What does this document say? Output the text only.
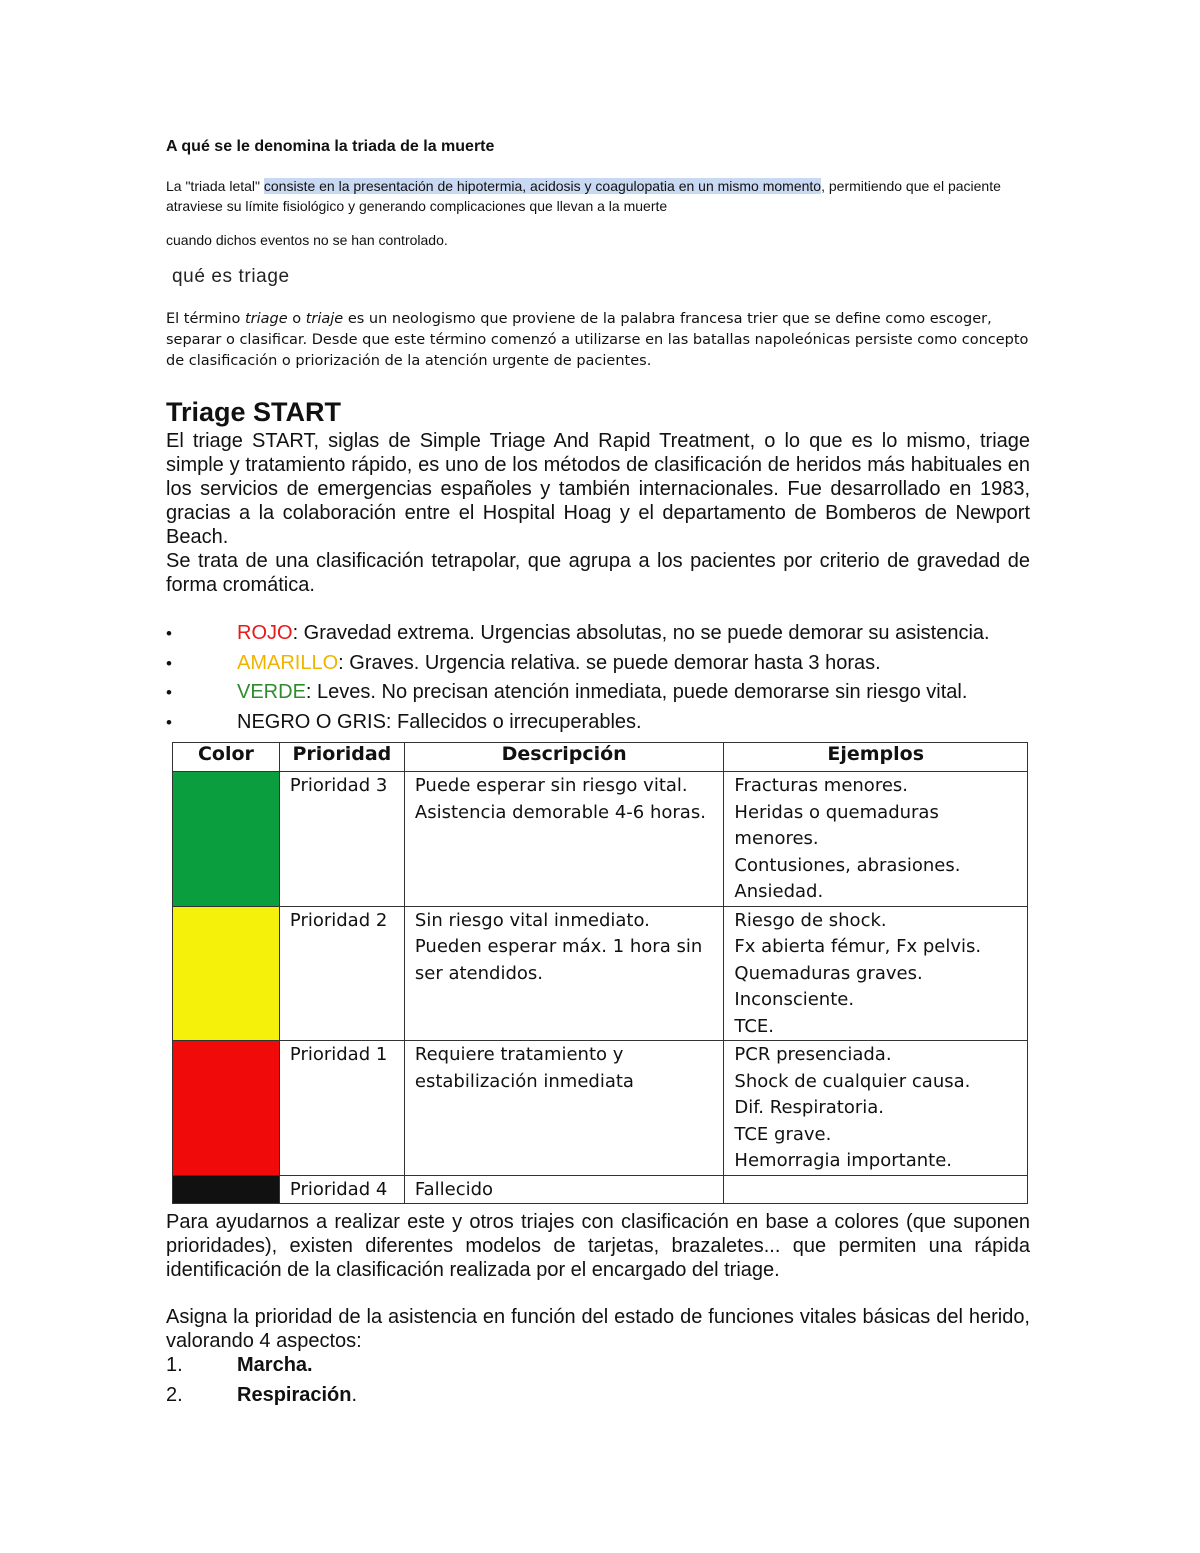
A qué se le denomina la triada de la muerte
La "triada letal" consiste en la presentación de hipotermia, acidosis y coagulopatia en un mismo momento, permitiendo que el paciente atraviese su límite fisiológico y generando complicaciones que llevan a la muerte
cuando dichos eventos no se han controlado.
qué es triage
El término triage o triaje es un neologismo que proviene de la palabra francesa trier que se define como escoger, separar o clasificar. Desde que este término comenzó a utilizarse en las batallas napoleónicas persiste como concepto de clasificación o priorización de la atención urgente de pacientes.
Triage START
El triage START, siglas de Simple Triage And Rapid Treatment, o lo que es lo mismo, triage simple y tratamiento rápido, es uno de los métodos de clasificación de heridos más habituales en los servicios de emergencias españoles y también internacionales. Fue desarrollado en 1983, gracias a la colaboración entre el Hospital Hoag y el departamento de Bomberos de Newport Beach.
Se trata de una clasificación tetrapolar, que agrupa a los pacientes por criterio de gravedad de forma cromática.
•	ROJO: Gravedad extrema. Urgencias absolutas, no se puede demorar su asistencia.
•	AMARILLO: Graves. Urgencia relativa. se puede demorar hasta 3 horas.
•	VERDE: Leves. No precisan atención inmediata, puede demorarse sin riesgo vital.
•	NEGRO O GRIS: Fallecidos o irrecuperables.
Color	Prioridad	Descripción	Ejemplos
	Prioridad 3	Puede esperar sin riesgo vital. Asistencia demorable 4-6 horas.	Fracturas menores.
Heridas o quemaduras menores.
Contusiones, abrasiones.
Ansiedad.

	Prioridad 2	Sin riesgo vital inmediato. Pueden esperar máx. 1 hora sin ser atendidos.	Riesgo de shock.
Fx abierta fémur, Fx pelvis.
Quemaduras graves.
Inconsciente.
TCE.

	Prioridad 1	Requiere tratamiento y estabilización inmediata	PCR presenciada.
Shock de cualquier causa.
Dif. Respiratoria.
TCE grave.
Hemorragia importante.

	Prioridad 4	Fallecido	
Para ayudarnos a realizar este y otros triajes con clasificación en base a colores (que suponen prioridades), existen diferentes modelos de tarjetas, brazaletes... que permiten una rápida identificación de la clasificación realizada por el encargado del triage.
Asigna la prioridad de la asistencia en función del estado de funciones vitales básicas del herido, valorando 4 aspectos:
1.	Marcha.
2.	Respiración.
